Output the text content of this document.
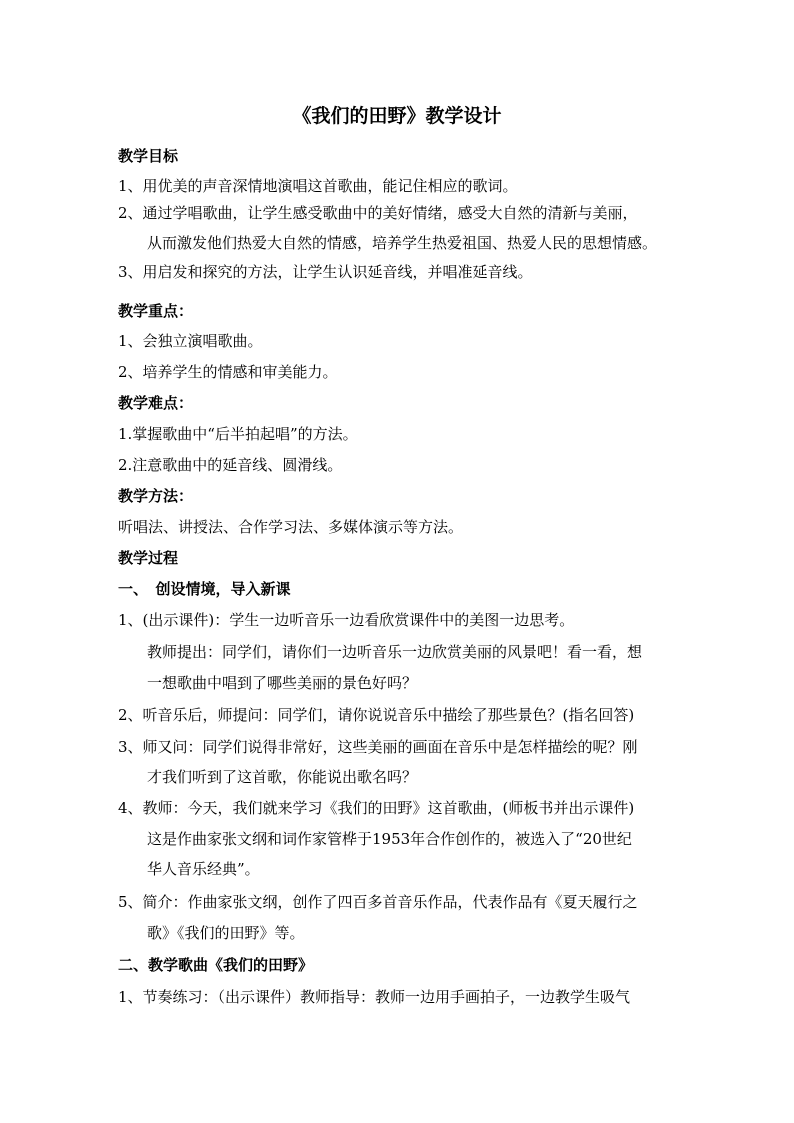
《我们的田野》教学设计

教学目标

1、用优美的声音深情地演唱这首歌曲，能记住相应的歌词。

2、通过学唱歌曲，让学生感受歌曲中的美好情绪，感受大自然的清新与美丽，

从而激发他们热爱大自然的情感，培养学生热爱祖国、热爱人民的思想情感。

3、用启发和探究的方法，让学生认识延音线，并唱准延音线。

教学重点：

1、会独立演唱歌曲。

2、培养学生的情感和审美能力。

教学难点：

1.掌握歌曲中“后半拍起唱”的方法。

2.注意歌曲中的延音线、圆滑线。

教学方法：

听唱法、讲授法、合作学习法、多媒体演示等方法。

教学过程

一、　创设情境，导入新课

1、(出示课件)：学生一边听音乐一边看欣赏课件中的美图一边思考。

教师提出：同学们，请你们一边听音乐一边欣赏美丽的风景吧！看一看，想

一想歌曲中唱到了哪些美丽的景色好吗？

2、听音乐后，师提问：同学们，请你说说音乐中描绘了那些景色？(指名回答)

3、师又问：同学们说得非常好，这些美丽的画面在音乐中是怎样描绘的呢？刚

才我们听到了这首歌，你能说出歌名吗？

4、教师：今天，我们就来学习《我们的田野》这首歌曲，(师板书并出示课件)

这是作曲家张文纲和词作家管桦于1953年合作创作的，被选入了“20世纪

华人音乐经典”。

5、简介：作曲家张文纲，创作了四百多首音乐作品，代表作品有《夏天履行之

歌》《我们的田野》等。

二、教学歌曲《我们的田野》

1、节奏练习：（出示课件）教师指导：教师一边用手画拍子，一边教学生吸气
